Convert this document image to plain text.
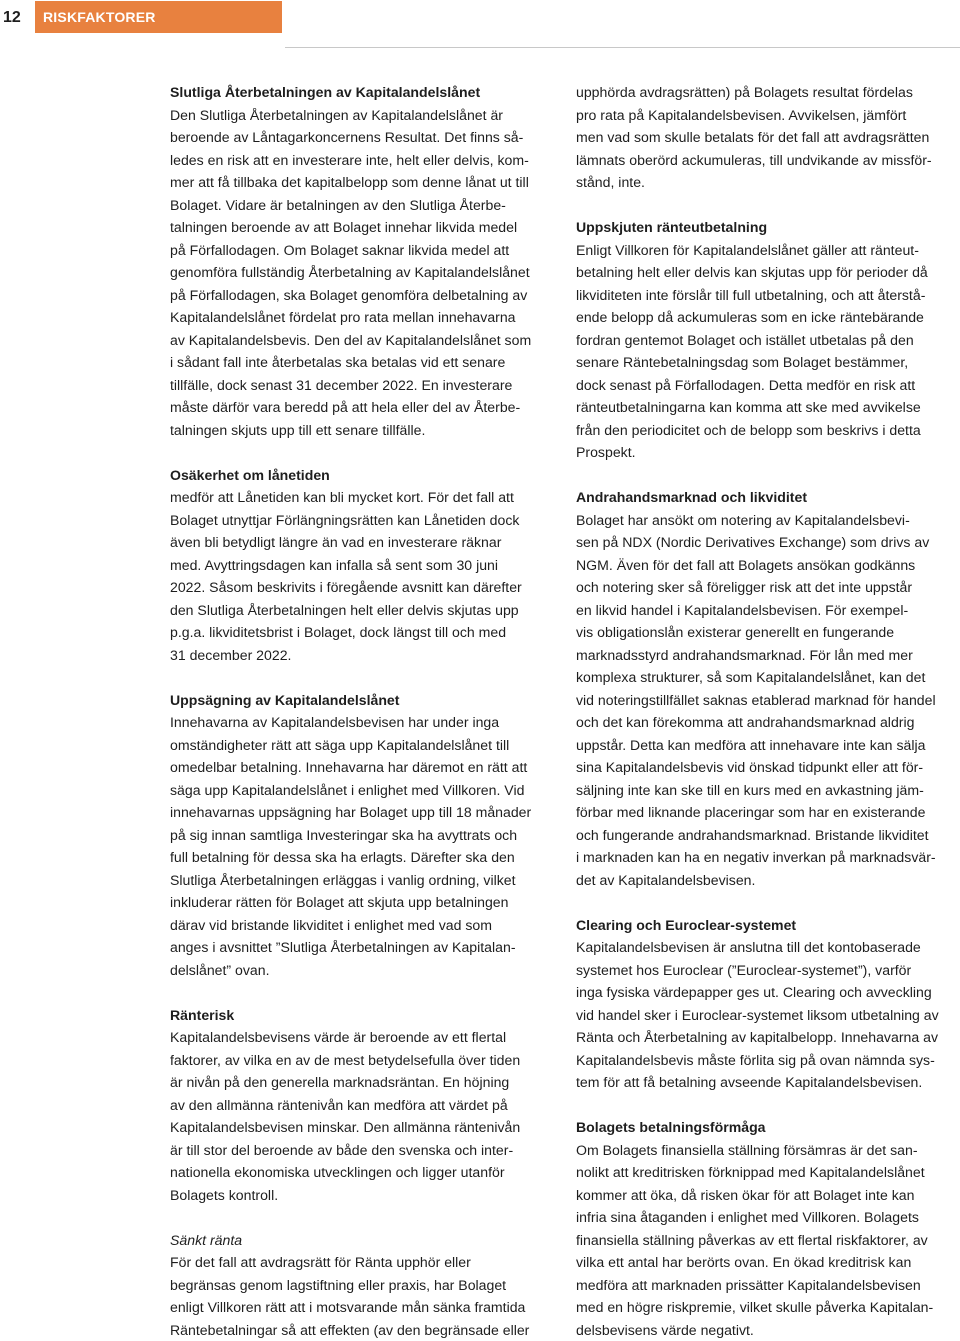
12	RISKFAKTORER
Slutliga Återbetalningen av Kapitalandelslånet
Den Slutliga Återbetalningen av Kapitalandelslånet är
beroende av Låntagarkoncernens Resultat. Det finns så-
ledes en risk att en investerare inte, helt eller delvis, kom-
mer att få tillbaka det kapitalbelopp som denne lånat ut till
Bolaget. Vidare är betalningen av den Slutliga Återbe-
talningen beroende av att Bolaget innehar likvida medel
på Förfallodagen. Om Bolaget saknar likvida medel att
genomföra fullständig Återbetalning av Kapitalandelslånet
på Förfallodagen, ska Bolaget genomföra delbetalning av
Kapitalandelslånet fördelat pro rata mellan innehavarna
av Kapitalandelsbevis. Den del av Kapitalandelslånet som
i sådant fall inte återbetalas ska betalas vid ett senare
tillfälle, dock senast 31 december 2022. En investerare
måste därför vara beredd på att hela eller del av Återbe-
talningen skjuts upp till ett senare tillfälle.
Osäkerhet om lånetiden
medför att Lånetiden kan bli mycket kort. För det fall att
Bolaget utnyttjar Förlängningsrätten kan Lånetiden dock
även bli betydligt längre än vad en investerare räknar
med. Avyttringsdagen kan infalla så sent som 30 juni
2022. Såsom beskrivits i föregående avsnitt kan därefter
den Slutliga Återbetalningen helt eller delvis skjutas upp
p.g.a. likviditetsbrist i Bolaget, dock längst till och med
31 december 2022.
Uppsägning av Kapitalandelslånet
Innehavarna av Kapitalandelsbevisen har under inga
omständigheter rätt att säga upp Kapitalandelslånet till
omedelbar betalning. Innehavarna har däremot en rätt att
säga upp Kapitalandelslånet i enlighet med Villkoren. Vid
innehavarnas uppsägning har Bolaget upp till 18 månader
på sig innan samtliga Investeringar ska ha avyttrats och
full betalning för dessa ska ha erlagts. Därefter ska den
Slutliga Återbetalningen erläggas i vanlig ordning, vilket
inkluderar rätten för Bolaget att skjuta upp betalningen
därav vid bristande likviditet i enlighet med vad som
anges i avsnittet ”Slutliga Återbetalningen av Kapitalan-
delslånet” ovan.
Ränterisk
Kapitalandelsbevisens värde är beroende av ett flertal
faktorer, av vilka en av de mest betydelsefulla över tiden
är nivån på den generella marknadsräntan. En höjning
av den allmänna räntenivån kan medföra att värdet på
Kapitalandelsbevisen minskar. Den allmänna räntenivån
är till stor del beroende av både den svenska och inter-
nationella ekonomiska utvecklingen och ligger utanför
Bolagets kontroll.
Sänkt ränta
För det fall att avdragsrätt för Ränta upphör eller
begränsas genom lagstiftning eller praxis, har Bolaget
enligt Villkoren rätt att i motsvarande mån sänka framtida
Räntebetalningar så att effekten (av den begränsade eller
upphörda avdragsrätten) på Bolagets resultat fördelas
pro rata på Kapitalandelsbevisen. Avvikelsen, jämfört
men vad som skulle betalats för det fall att avdragsrätten
lämnats oberörd ackumuleras, till undvikande av missför-
stånd, inte.
Uppskjuten ränteutbetalning
Enligt Villkoren för Kapitalandelslånet gäller att ränteut-
betalning helt eller delvis kan skjutas upp för perioder då
likviditeten inte förslår till full utbetalning, och att återstå-
ende belopp då ackumuleras som en icke räntebärande
fordran gentemot Bolaget och istället utbetalas på den
senare Räntebetalningsdag som Bolaget bestämmer,
dock senast på Förfallodagen. Detta medför en risk att
ränteutbetalningarna kan komma att ske med avvikelse
från den periodicitet och de belopp som beskrivs i detta
Prospekt.
Andrahandsmarknad och likviditet
Bolaget har ansökt om notering av Kapitalandelsbevi-
sen på NDX (Nordic Derivatives Exchange) som drivs av
NGM. Även för det fall att Bolagets ansökan godkänns
och notering sker så föreligger risk att det inte uppstår
en likvid handel i Kapitalandelsbevisen. För exempel-
vis obligationslån existerar generellt en fungerande
marknadsstyrd andrahandsmarknad. För lån med mer
komplexa strukturer, så som Kapitalandelslånet, kan det
vid noteringstillfället saknas etablerad marknad för handel
och det kan förekomma att andrahandsmarknad aldrig
uppstår. Detta kan medföra att innehavare inte kan sälja
sina Kapitalandelsbevis vid önskad tidpunkt eller att för-
säljning inte kan ske till en kurs med en avkastning jäm-
förbar med liknande placeringar som har en existerande
och fungerande andrahandsmarknad. Bristande likviditet
i marknaden kan ha en negativ inverkan på marknadsvär-
det av Kapitalandelsbevisen.
Clearing och Euroclear-systemet
Kapitalandelsbevisen är anslutna till det kontobaserade
systemet hos Euroclear (”Euroclear-systemet”), varför
inga fysiska värdepapper ges ut. Clearing och avveckling
vid handel sker i Euroclear-systemet liksom utbetalning av
Ränta och Återbetalning av kapitalbelopp. Innehavarna av
Kapitalandelsbevis måste förlita sig på ovan nämnda sys-
tem för att få betalning avseende Kapitalandelsbevisen.
Bolagets betalningsförmåga
Om Bolagets finansiella ställning försämras är det san-
nolikt att kreditrisken förknippad med Kapitalandelslånet
kommer att öka, då risken ökar för att Bolaget inte kan
infria sina åtaganden i enlighet med Villkoren. Bolagets
finansiella ställning påverkas av ett flertal riskfaktorer, av
vilka ett antal har berörts ovan. En ökad kreditrisk kan
medföra att marknaden prissätter Kapitalandelsbevisen
med en högre riskpremie, vilket skulle påverka Kapitalan-
delsbevisens värde negativt.
